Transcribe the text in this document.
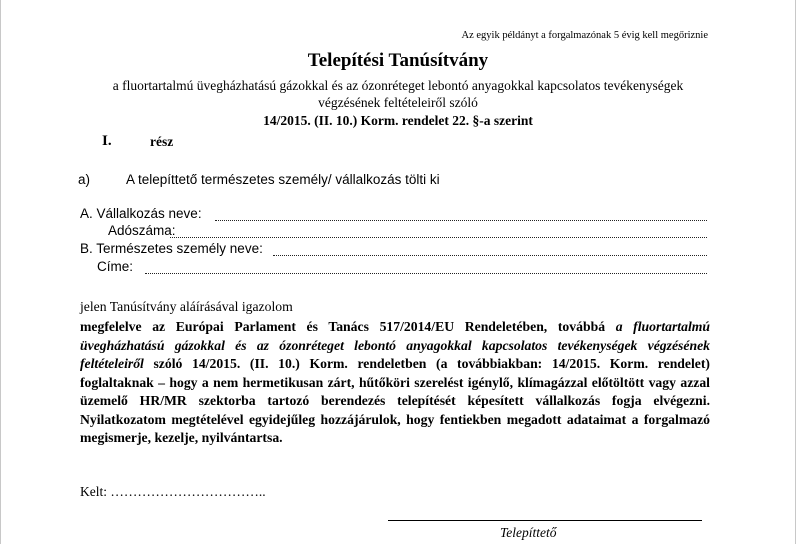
Az egyik példányt a forgalmazónak 5 évig kell megőriznie
Telepítési Tanúsítvány
a fluortartalmú üvegházhatású gázokkal és az ózonréteget lebontó anyagokkal kapcsolatos tevékenységek
végzésének feltételeiről szóló
14/2015. (II. 10.) Korm. rendelet 22. §-a szerint
I.	rész
a)	A telepíttető természetes személy/ vállalkozás tölti ki
A. Vállalkozás neve:
Adószáma:
B. Természetes személy neve:
Címe:
jelen Tanúsítvány aláírásával igazolom

megfelelve az Európai Parlament és Tanács 517/2014/EU Rendeletében, továbbá a fluortartalmú üvegházhatású gázokkal és az ózonréteget lebontó anyagokkal kapcsolatos tevékenységek végzésének feltételeiről szóló 14/2015. (II. 10.) Korm. rendeletben (a továbbiakban: 14/2015. Korm. rendelet) foglaltaknak – hogy a nem hermetikusan zárt, hűtőköri szerelést igénylő, klímagázzal előtöltött vagy azzal üzemelő HR/MR szektorba tartozó berendezés telepítését képesített vállalkozás fogja elvégezni.

Nyilatkozatom megtételével egyidejűleg hozzájárulok, hogy fentiekben megadott adataimat a forgalmazó megismerje, kezelje, nyilvántartsa.

Kelt: ……………………………..
Telepíttető
